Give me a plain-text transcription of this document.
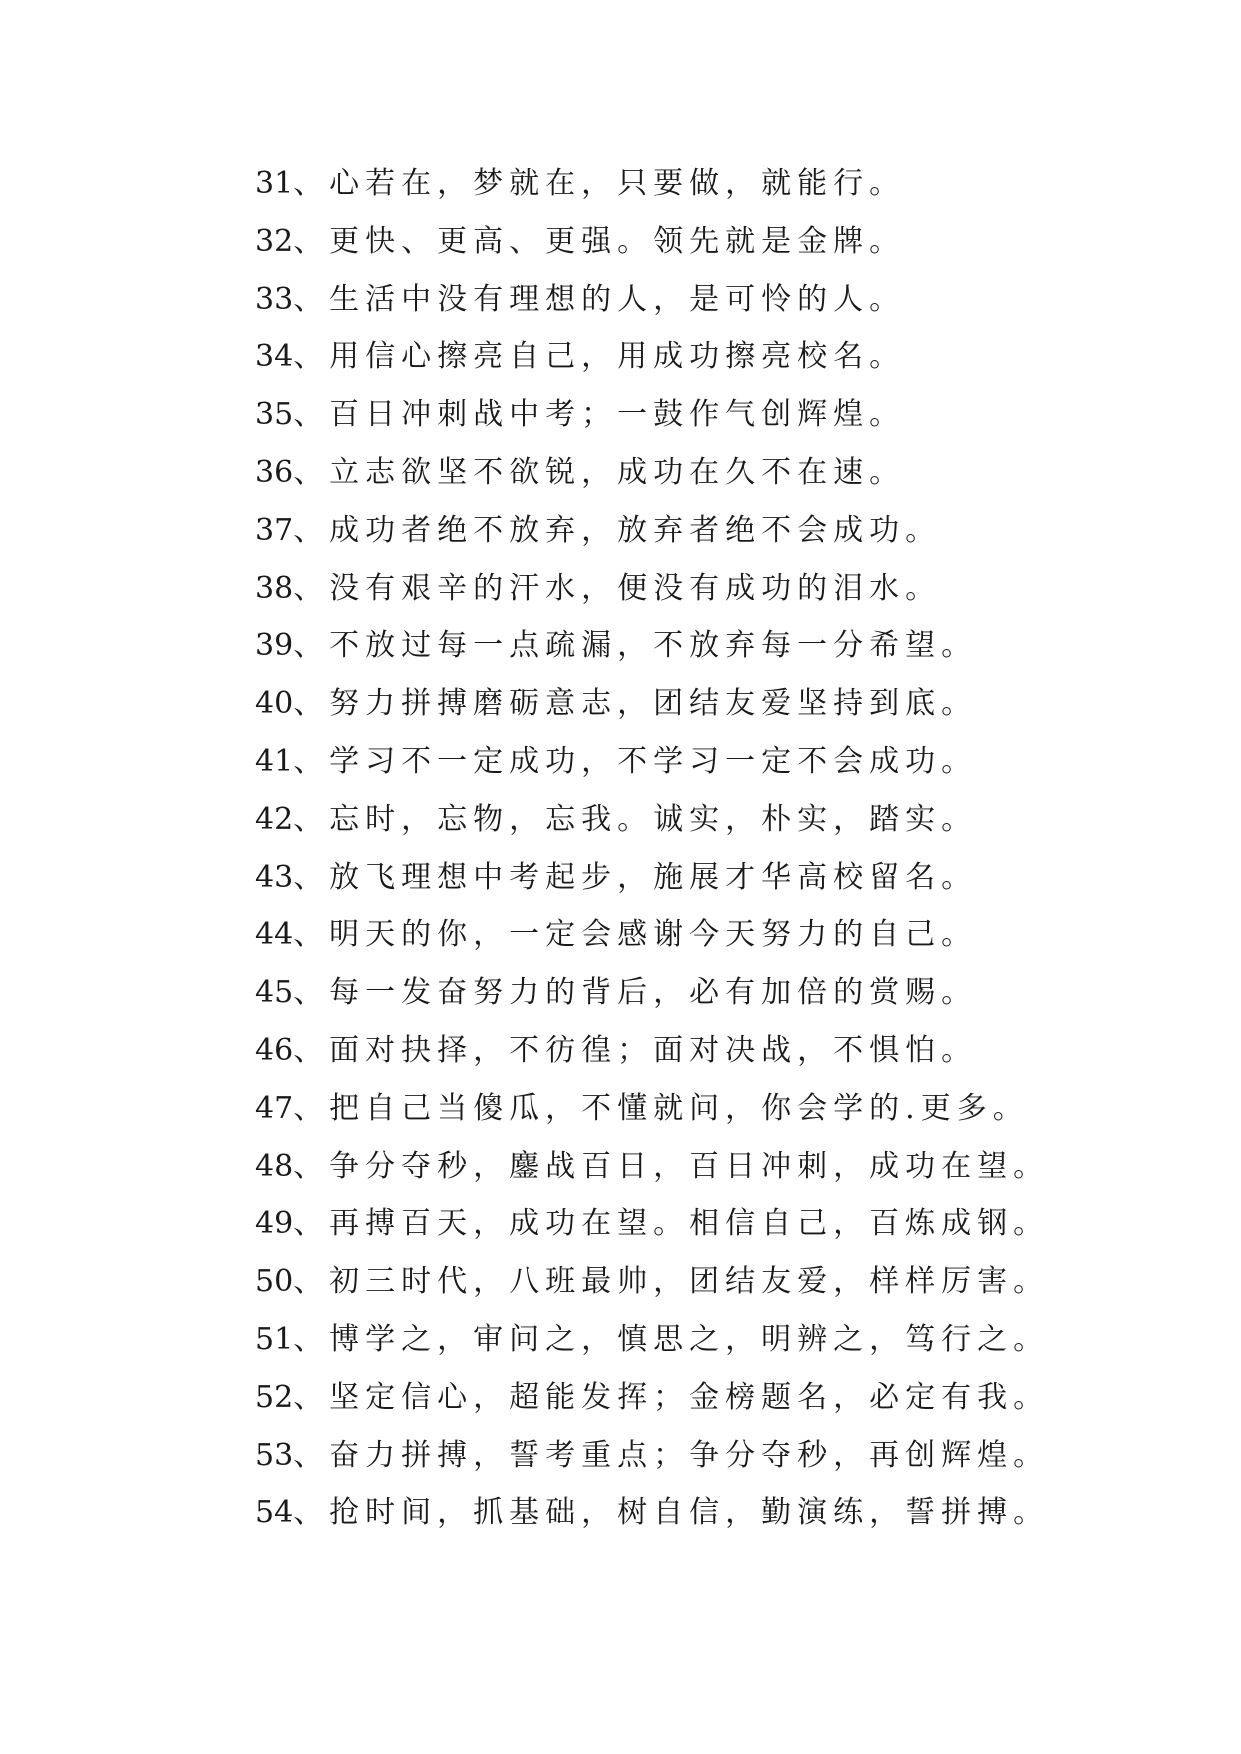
31、心若在，梦就在，只要做，就能行。
32、更快、更高、更强。领先就是金牌。
33、生活中没有理想的人，是可怜的人。
34、用信心擦亮自己，用成功擦亮校名。
35、百日冲刺战中考；一鼓作气创辉煌。
36、立志欲坚不欲锐，成功在久不在速。
37、成功者绝不放弃，放弃者绝不会成功。
38、没有艰辛的汗水，便没有成功的泪水。
39、不放过每一点疏漏，不放弃每一分希望。
40、努力拼搏磨砺意志，团结友爱坚持到底。
41、学习不一定成功，不学习一定不会成功。
42、忘时，忘物，忘我。诚实，朴实，踏实。
43、放飞理想中考起步，施展才华高校留名。
44、明天的你，一定会感谢今天努力的自己。
45、每一发奋努力的背后，必有加倍的赏赐。
46、面对抉择，不彷徨；面对决战，不惧怕。
47、把自己当傻瓜，不懂就问，你会学的.更多。
48、争分夺秒，鏖战百日，百日冲刺，成功在望。
49、再搏百天，成功在望。相信自己，百炼成钢。
50、初三时代，八班最帅，团结友爱，样样厉害。
51、博学之，审问之，慎思之，明辨之，笃行之。
52、坚定信心，超能发挥；金榜题名，必定有我。
53、奋力拼搏，誓考重点；争分夺秒，再创辉煌。
54、抢时间，抓基础，树自信，勤演练，誓拼搏。
